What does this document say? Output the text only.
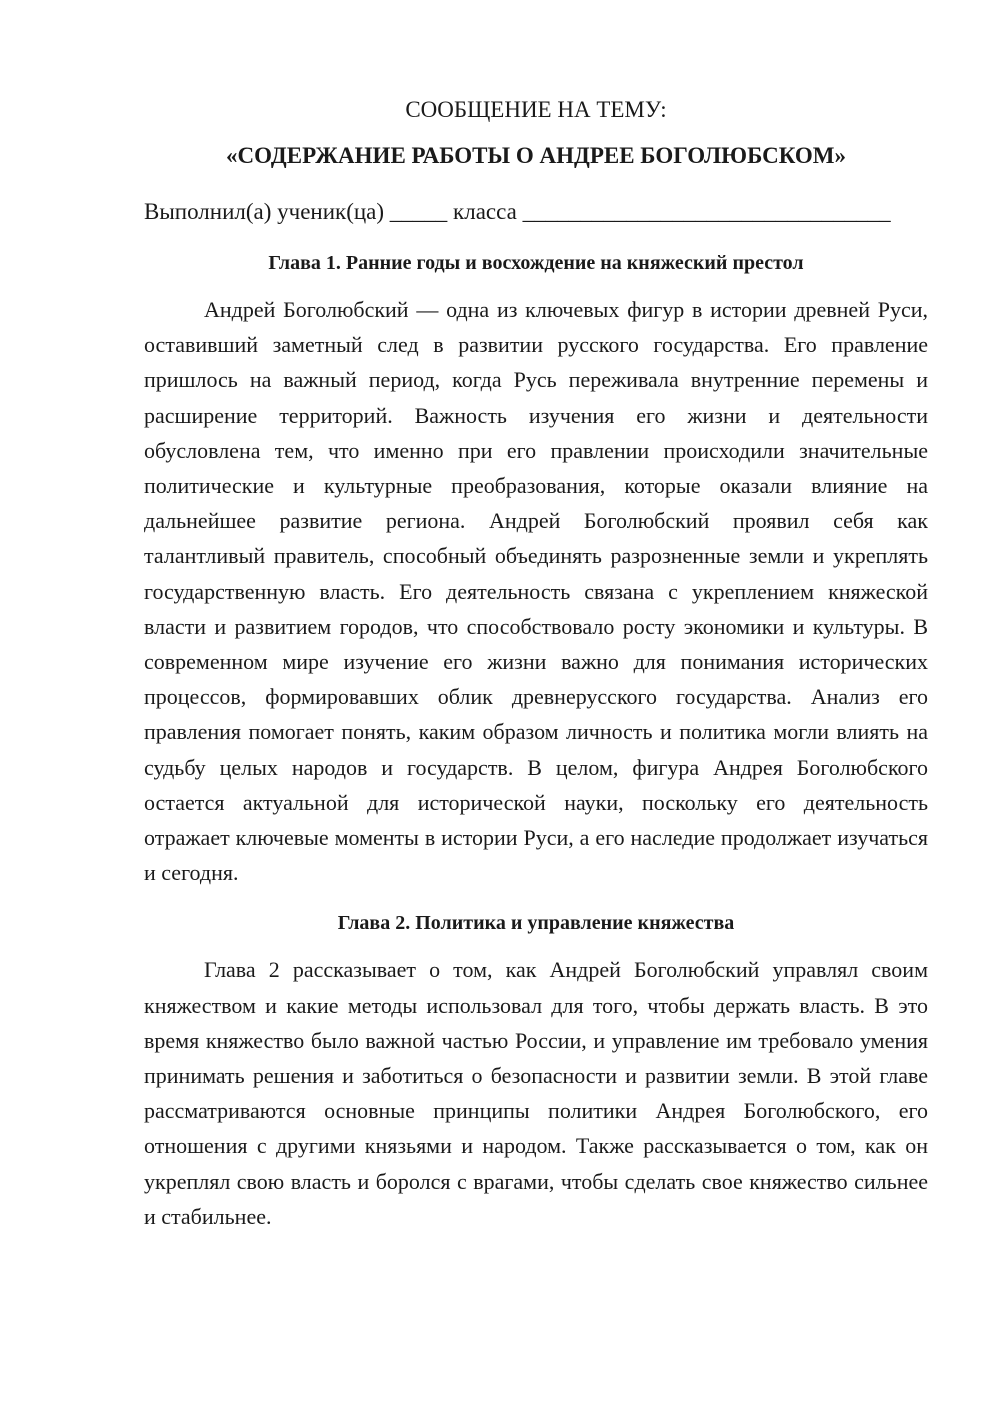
СООБЩЕНИЕ НА ТЕМУ:

«СОДЕРЖАНИЕ РАБОТЫ О АНДРЕЕ БОГОЛЮБСКОМ»

Выполнил(а) ученик(ца) _____ класса ________________________________

Глава 1. Ранние годы и восхождение на княжеский престол

Андрей Боголюбский — одна из ключевых фигур в истории древней Руси, оставивший заметный след в развитии русского государства. Его правление пришлось на важный период, когда Русь переживала внутренние перемены и расширение территорий. Важность изучения его жизни и деятельности обусловлена тем, что именно при его правлении происходили значительные политические и культурные преобразования, которые оказали влияние на дальнейшее развитие региона. Андрей Боголюбский проявил себя как талантливый правитель, способный объединять разрозненные земли и укреплять государственную власть. Его деятельность связана с укреплением княжеской власти и развитием городов, что способствовало росту экономики и культуры. В современном мире изучение его жизни важно для понимания исторических процессов, формировавших облик древнерусского государства. Анализ его правления помогает понять, каким образом личность и политика могли влиять на судьбу целых народов и государств. В целом, фигура Андрея Боголюбского остается актуальной для исторической науки, поскольку его деятельность отражает ключевые моменты в истории Руси, а его наследие продолжает изучаться и сегодня.

Глава 2. Политика и управление княжества

Глава 2 рассказывает о том, как Андрей Боголюбский управлял своим княжеством и какие методы использовал для того, чтобы держать власть. В это время княжество было важной частью России, и управление им требовало умения принимать решения и заботиться о безопасности и развитии земли. В этой главе рассматриваются основные принципы политики Андрея Боголюбского, его отношения с другими князьями и народом. Также рассказывается о том, как он укреплял свою власть и боролся с врагами, чтобы сделать свое княжество сильнее и стабильнее.
